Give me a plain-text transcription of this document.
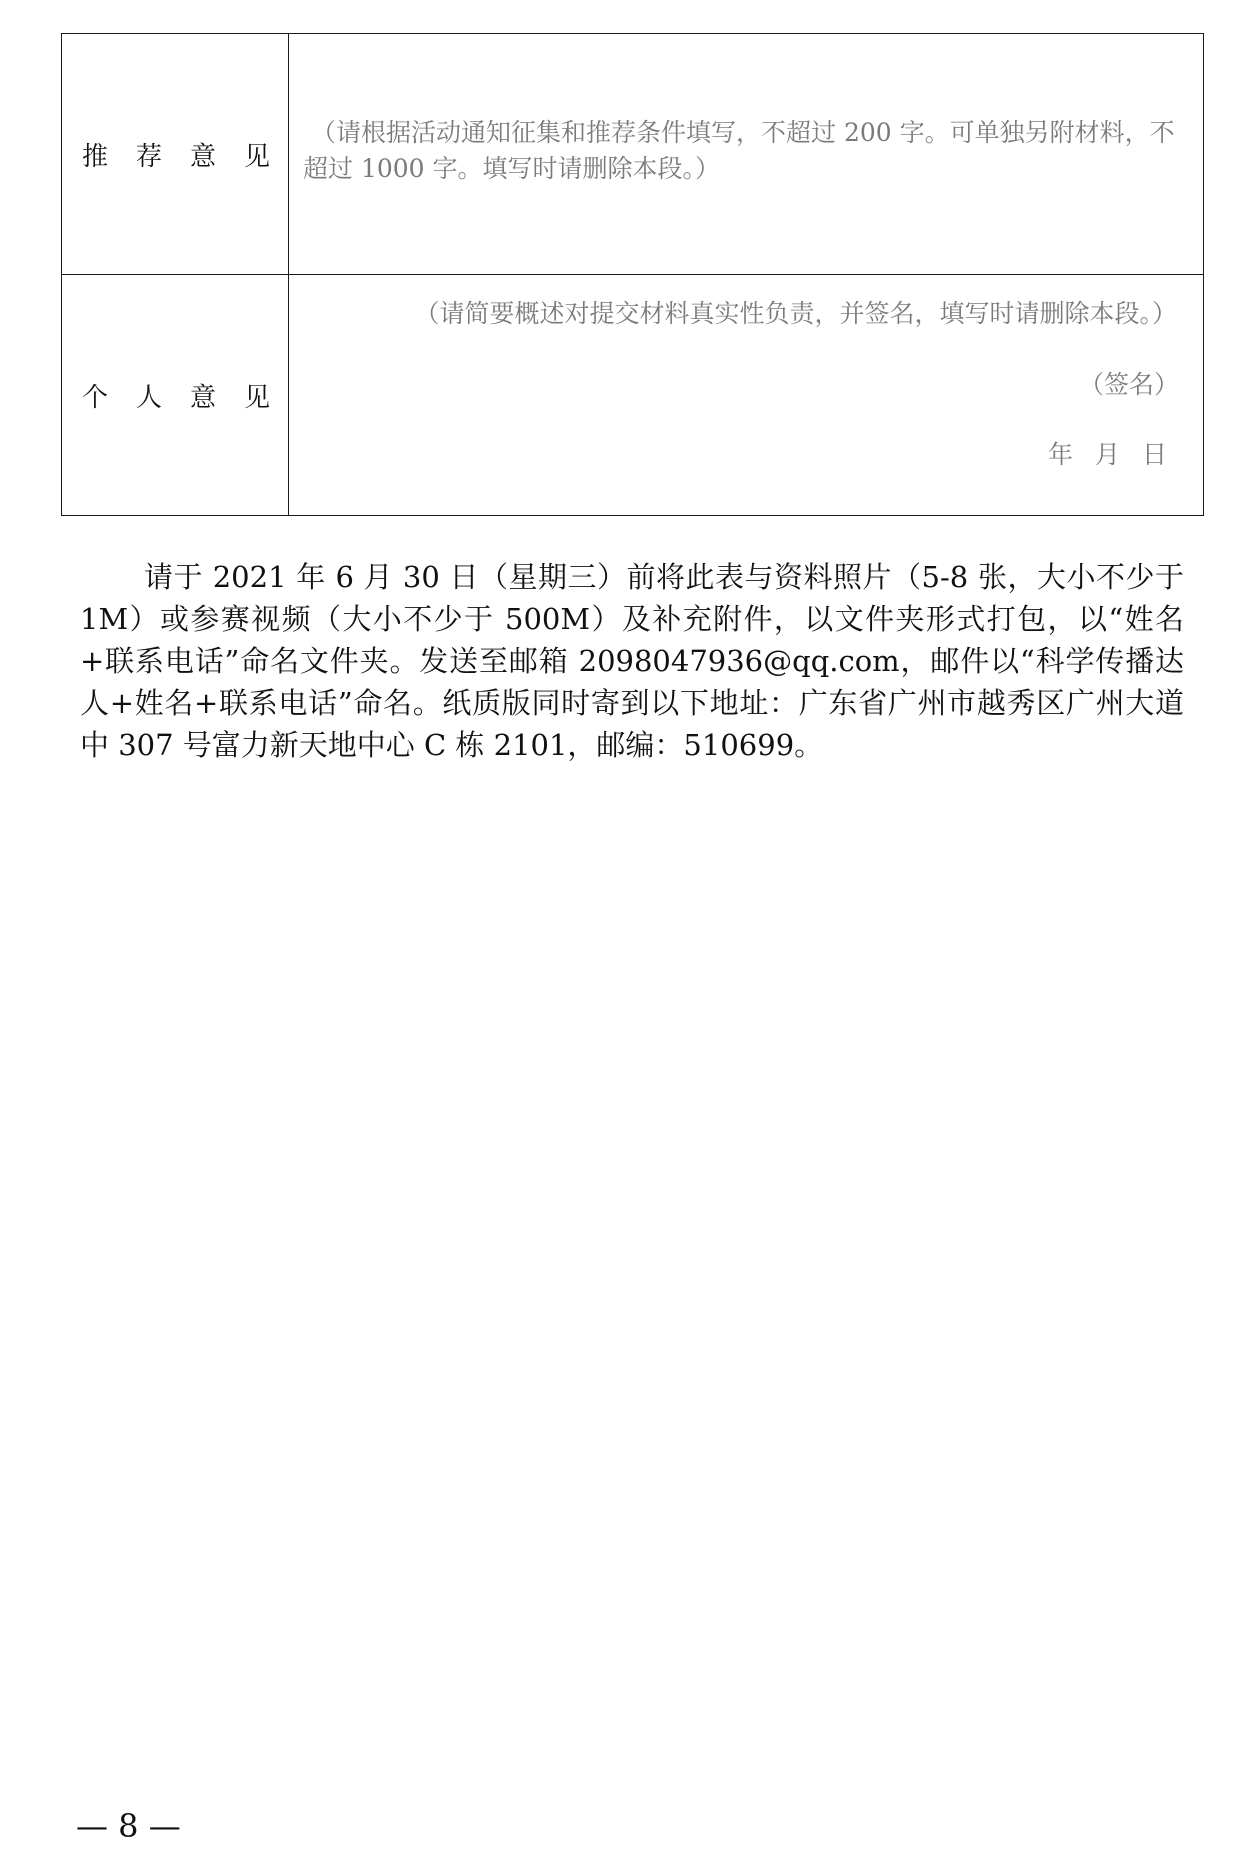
推荐意见	（请根据活动通知征集和推荐条件填写，不超过 200 字。可单独另附材料，不超过 1000 字。填写时请删除本段。）

个人意见	（请简要概述对提交材料真实性负责，并签名，填写时请删除本段。）
（签名）
年月日

请于 2021 年 6 月 30 日（星期三）前将此表与资料照片（5-8 张，大小不少于 1M）或参赛视频（大小不少于 500M）及补充附件，以文件夹形式打包，以“姓名+联系电话”命名文件夹。发送至邮箱 2098047936@qq.com，邮件以“科学传播达人+姓名+联系电话”命名。纸质版同时寄到以下地址：广东省广州市越秀区广州大道中 307 号富力新天地中心 C 栋 2101，邮编：510699。

— 8 —
